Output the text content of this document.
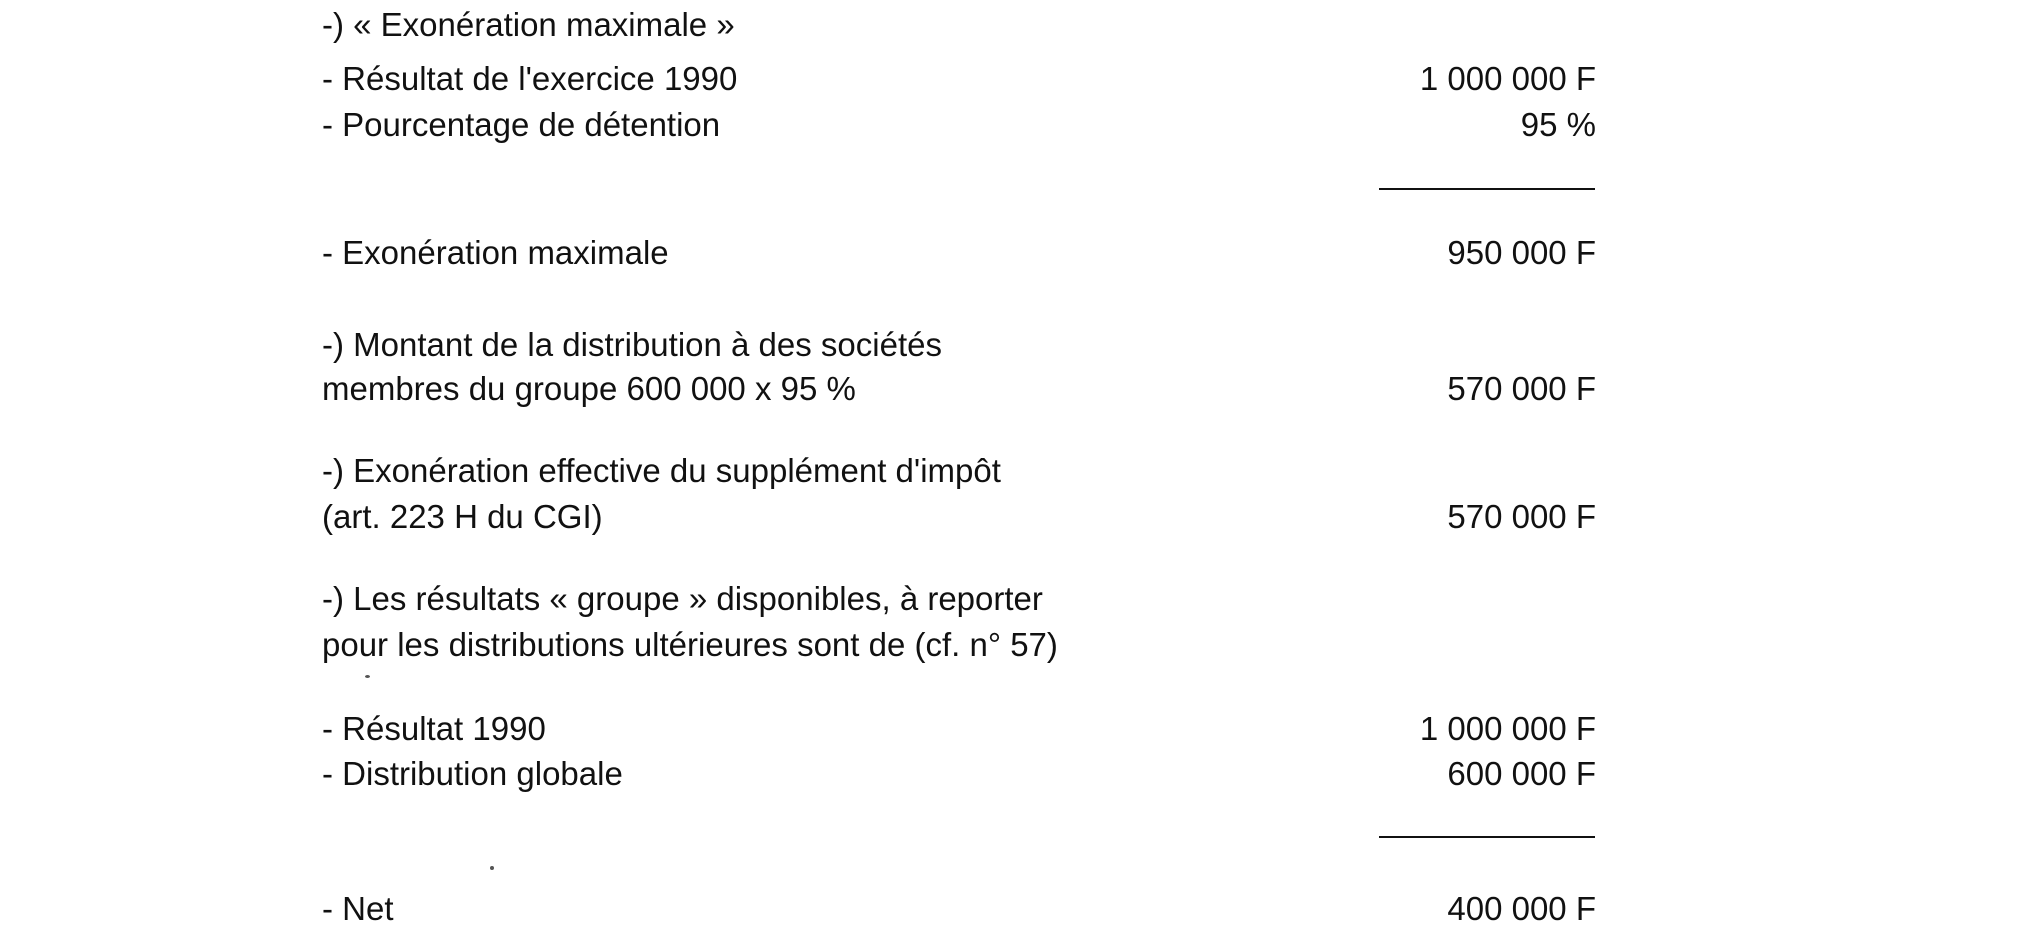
-) « Exonération maximale »
- Résultat de l'exercice 1990	1 000 000 F
- Pourcentage de détention	95 %
- Exonération maximale	950 000 F
-) Montant de la distribution à des sociétés
membres du groupe 600 000 x 95 %	570 000 F
-) Exonération effective du supplément d'impôt
(art. 223 H du CGI)	570 000 F
-) Les résultats « groupe » disponibles, à reporter
pour les distributions ultérieures sont de (cf. n° 57)
- Résultat 1990	1 000 000 F
- Distribution globale	600 000 F
- Net	400 000 F
